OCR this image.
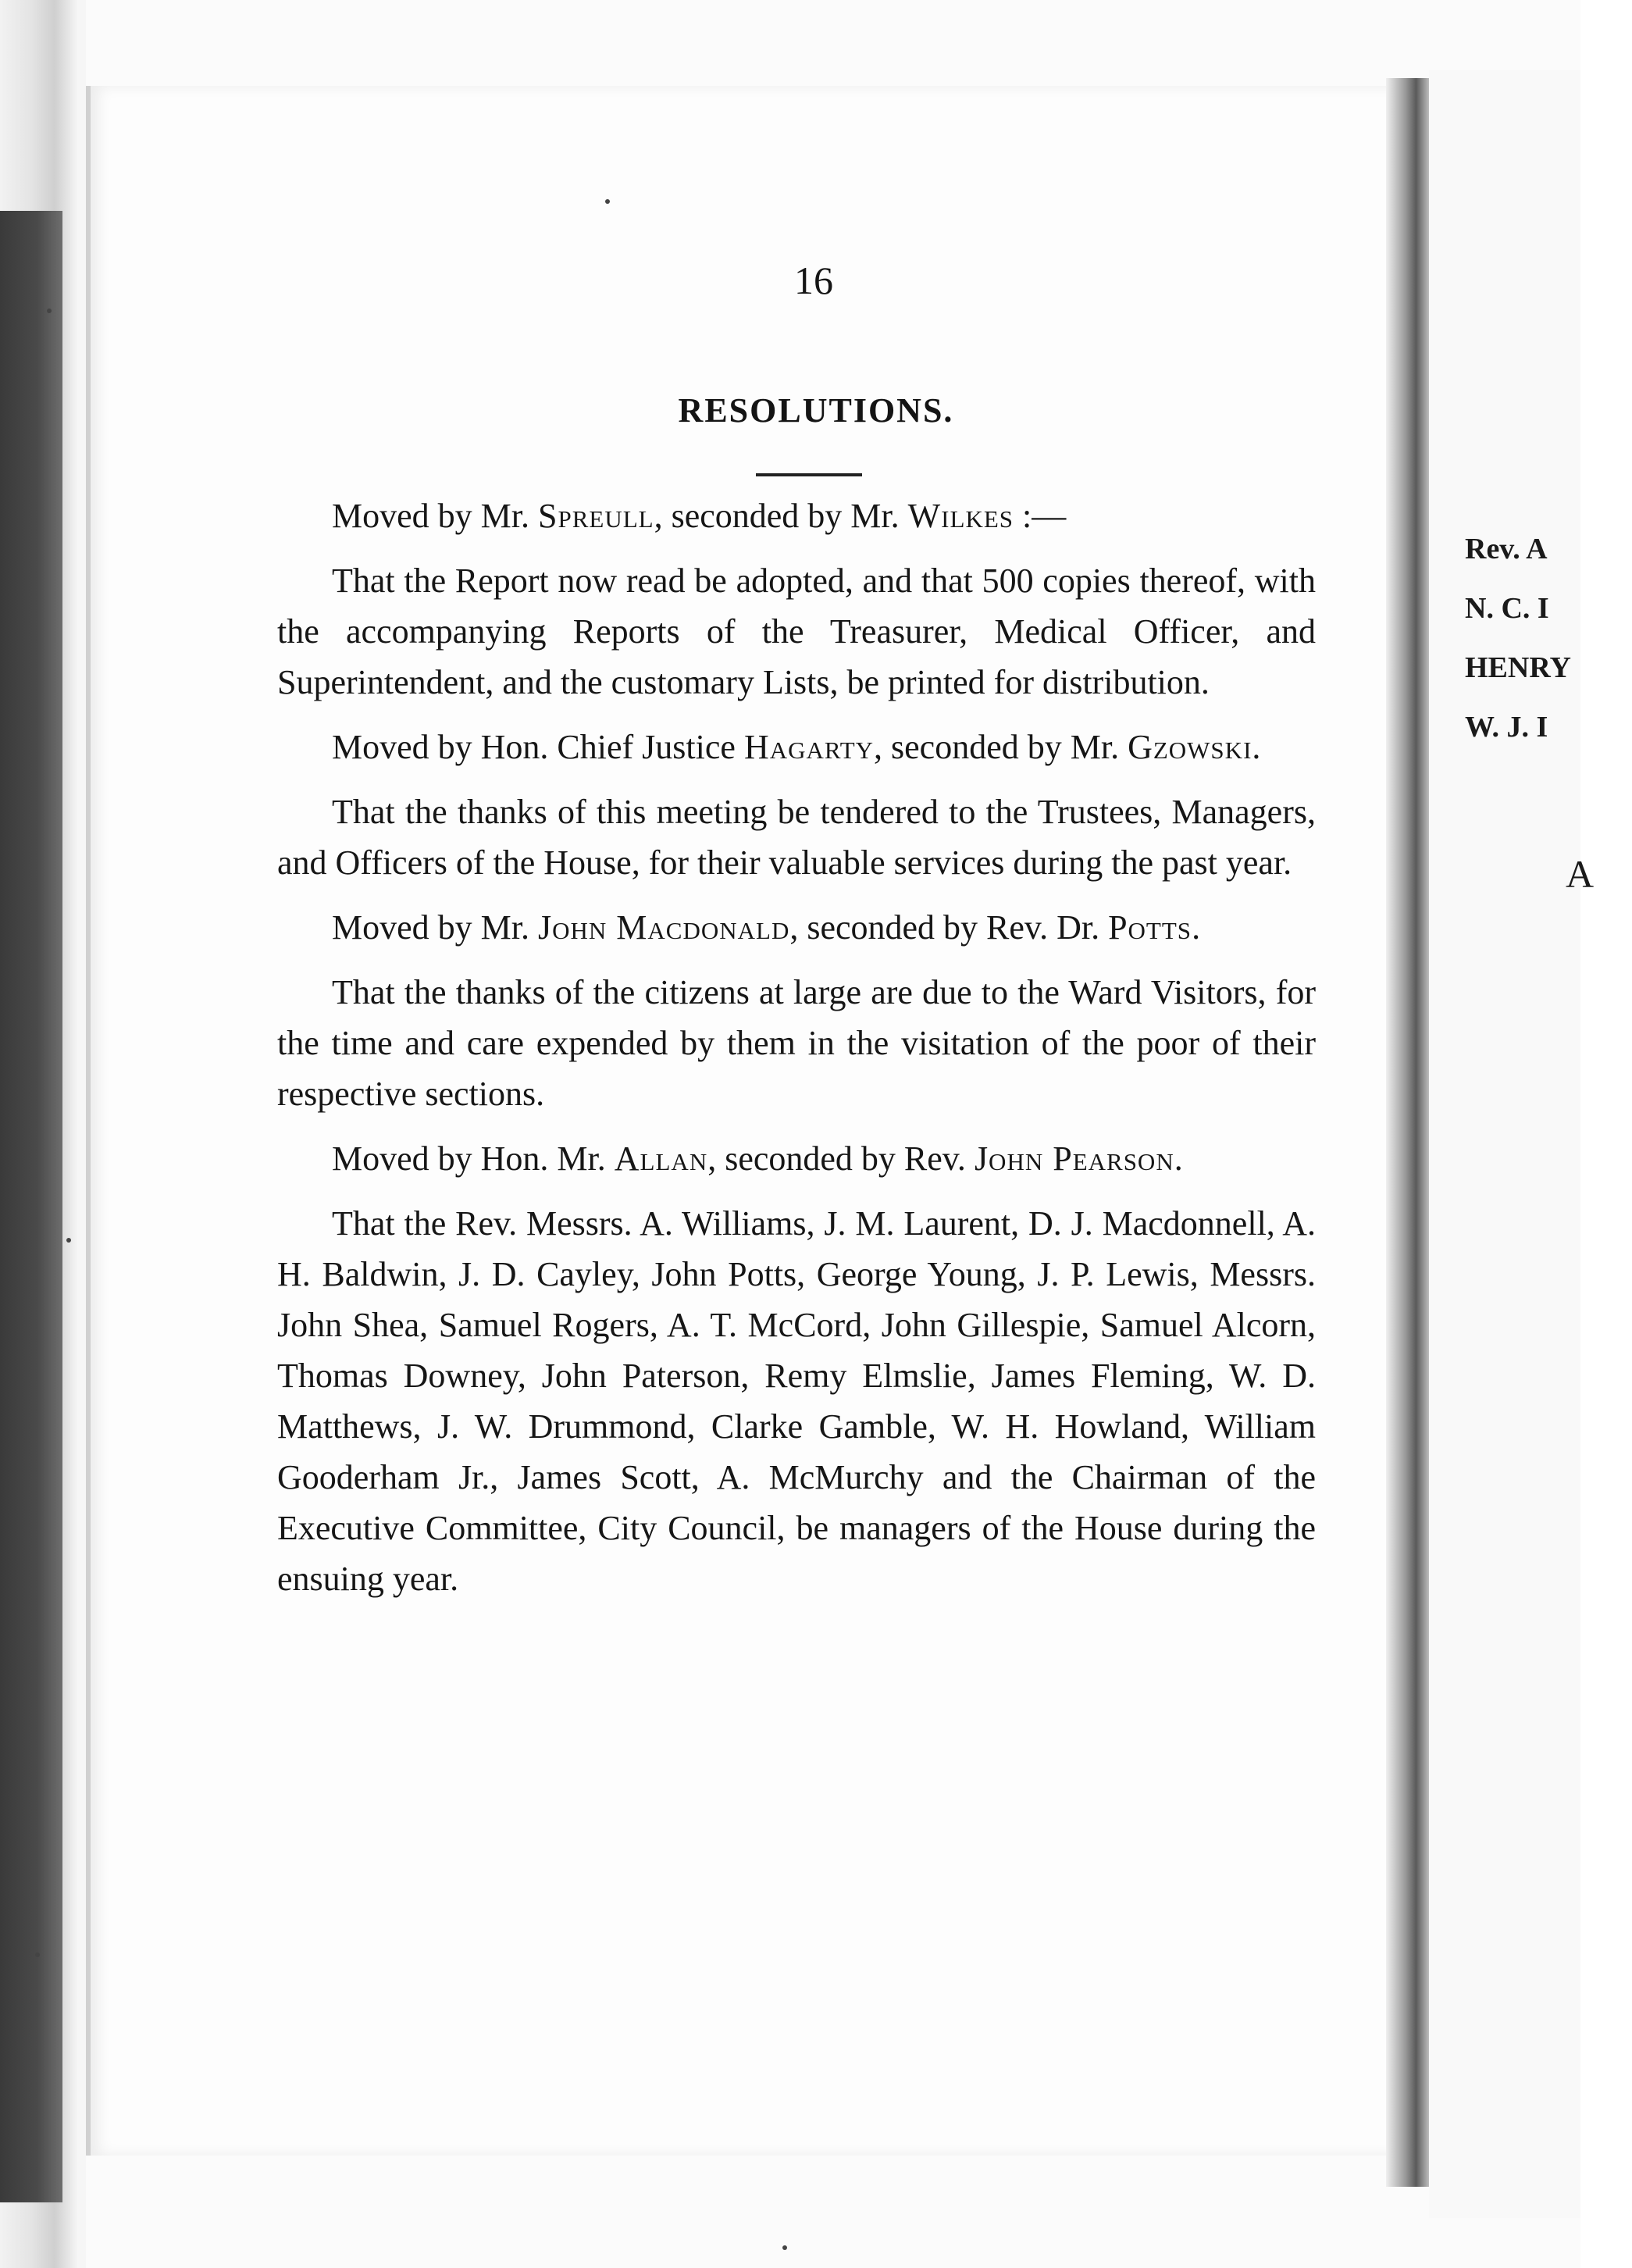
16
RESOLUTIONS.

Moved by Mr. Spreull, seconded by Mr. Wilkes :—

That the Report now read be adopted, and that 500 copies thereof, with the accompanying Reports of the Treasurer, Medical Officer, and Superintendent, and the customary Lists, be printed for distribution.

Moved by Hon. Chief Justice Hagarty, seconded by Mr. Gzowski.

That the thanks of this meeting be tendered to the Trustees, Managers, and Officers of the House, for their valuable services during the past year.

Moved by Mr. John Macdonald, seconded by Rev. Dr. Potts.

That the thanks of the citizens at large are due to the Ward Visitors, for the time and care expended by them in the visitation of the poor of their respective sections.

Moved by Hon. Mr. Allan, seconded by Rev. John Pearson.

That the Rev. Messrs. A. Williams, J. M. Laurent, D. J. Macdonnell, A. H. Baldwin, J. D. Cayley, John Potts, George Young, J. P. Lewis, Messrs. John Shea, Samuel Rogers, A. T. McCord, John Gillespie, Samuel Alcorn, Thomas Downey, John Paterson, Remy Elmslie, James Fleming, W. D. Matthews, J. W. Drummond, Clarke Gamble, W. H. Howland, William Gooderham Jr., James Scott, A. McMurchy and the Chairman of the Executive Committee, City Council, be managers of the House during the ensuing year.

Rev. A
N. C. I
HENRY
W. J. I
A
